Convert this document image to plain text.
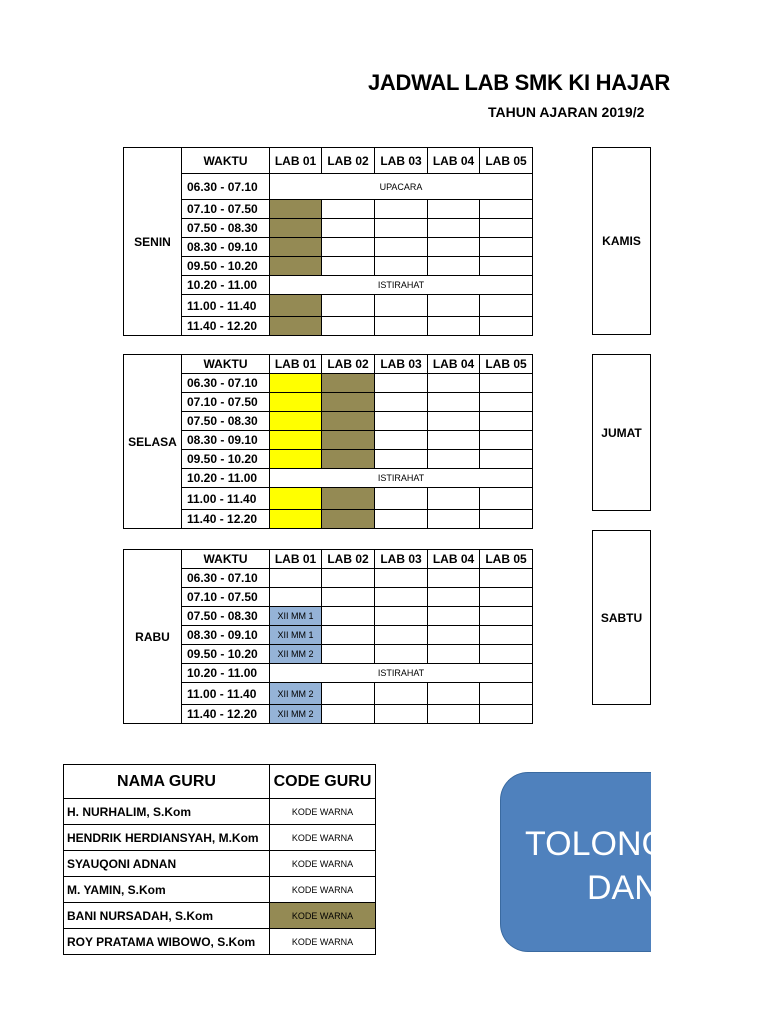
JADWAL LAB SMK KI HAJAR
TAHUN AJARAN 2019/2
SENIN	WAKTU	LAB 01	LAB 02	LAB 03	LAB 04	LAB 05
	06.30 - 07.10	UPACARA				
	07.10 - 07.50					
	07.50 - 08.30					
	08.30 - 09.10					
	09.50 - 10.20					
	10.20 - 11.00	ISTIRAHAT				
	11.00 - 11.40					
	11.40 - 12.20					
SELASA	WAKTU	LAB 01	LAB 02	LAB 03	LAB 04	LAB 05
	06.30 - 07.10					
	07.10 - 07.50					
	07.50 - 08.30					
	08.30 - 09.10					
	09.50 - 10.20					
	10.20 - 11.00	ISTIRAHAT				
	11.00 - 11.40					
	11.40 - 12.20					
RABU	WAKTU	LAB 01	LAB 02	LAB 03	LAB 04	LAB 05
	06.30 - 07.10					
	07.10 - 07.50					
	07.50 - 08.30	XII MM 1				
	08.30 - 09.10	XII MM 1				
	09.50 - 10.20	XII MM 2				
	10.20 - 11.00	ISTIRAHAT				
	11.00 - 11.40	XII MM 2				
	11.40 - 12.20	XII MM 2				
KAMIS
JUMAT
SABTU
NAMA GURU	CODE GURU
H. NURHALIM, S.Kom	KODE WARNA
HENDRIK HERDIANSYAH, M.Kom	KODE WARNA
SYAUQONI ADNAN	KODE WARNA
M. YAMIN, S.Kom	KODE WARNA
BANI NURSADAH, S.Kom	KODE WARNA
ROY PRATAMA WIBOWO, S.Kom	KODE WARNA
TOLONG
DAN
